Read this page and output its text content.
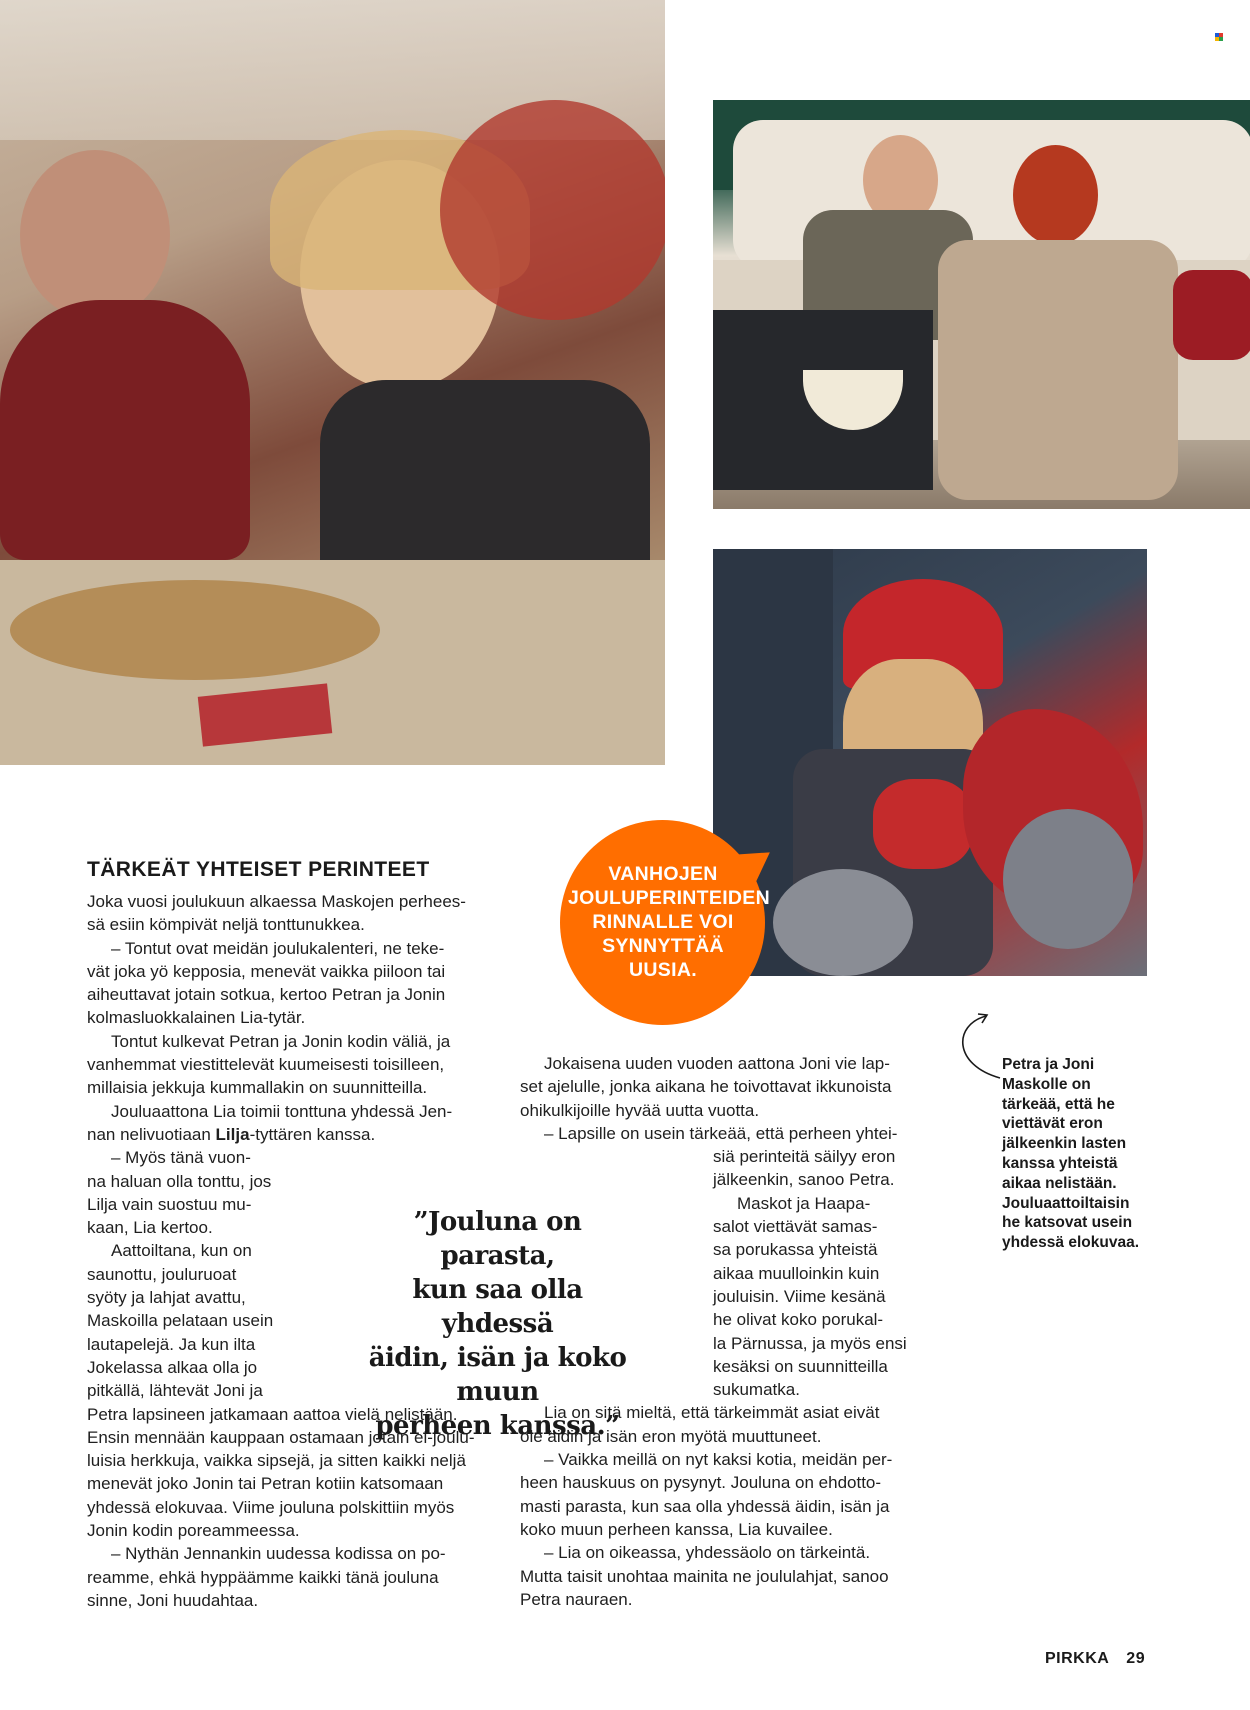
VANHOJEN
JOULUPERINTEIDEN
RINNALLE VOI
SYNNYTTÄÄ UUSIA.
TÄRKEÄT YHTEISET PERINTEET

Joka vuosi joulukuun alkaessa Maskojen perhees-

sä esiin kömpivät neljä tonttunukkea.

– Tontut ovat meidän joulukalenteri, ne teke-

vät joka yö kepposia, menevät vaikka piiloon tai

aiheuttavat jotain sotkua, kertoo Petran ja Jonin

kolmasluokkalainen Lia-tytär.

Tontut kulkevat Petran ja Jonin kodin väliä, ja

vanhemmat viestittelevät kuumeisesti toisilleen,

millaisia jekkuja kummallakin on suunnitteilla.

Jouluaattona Lia toimii tonttuna yhdessä Jen-

nan nelivuotiaan Lilja-tyttären kanssa.

– Myös tänä vuon-

na haluan olla tonttu, jos

Lilja vain suostuu mu-

kaan, Lia kertoo.

Aattoiltana, kun on

saunottu, jouluruoat

syöty ja lahjat avattu,

Maskoilla pelataan usein

lautapelejä. Ja kun ilta

Jokelassa alkaa olla jo

pitkällä, lähtevät Joni ja

Petra lapsineen jatkamaan aattoa vielä nelistään.

Ensin mennään kauppaan ostamaan jotain ei-joulu-

luisia herkkuja, vaikka sipsejä, ja sitten kaikki neljä

menevät joko Jonin tai Petran kotiin katsomaan

yhdessä elokuvaa. Viime jouluna polskittiin myös

Jonin kodin poreammeessa.

– Nythän Jennankin uudessa kodissa on po-

reamme, ehkä hyppäämme kaikki tänä jouluna

sinne, Joni huudahtaa.

”Jouluna on parasta,
kun saa olla yhdessä
äidin, isän ja koko muun
perheen kanssa.”

Jokaisena uuden vuoden aattona Joni vie lap-

set ajelulle, jonka aikana he toivottavat ikkunoista

ohikulkijoille hyvää uutta vuotta.

– Lapsille on usein tärkeää, että perheen yhtei-

siä perinteitä säilyy eron

jälkeenkin, sanoo Petra.

Maskot ja Haapa-

salot viettävät samas-

sa porukassa yhteistä

aikaa muulloinkin kuin

jouluisin. Viime kesänä

he olivat koko porukal-

la Pärnussa, ja myös ensi

kesäksi on suunnitteilla

sukumatka.

Lia on sitä mieltä, että tärkeimmät asiat eivät

ole äidin ja isän eron myötä muuttuneet.

– Vaikka meillä on nyt kaksi kotia, meidän per-

heen hauskuus on pysynyt. Jouluna on ehdotto-

masti parasta, kun saa olla yhdessä äidin, isän ja

koko muun perheen kanssa, Lia kuvailee.

– Lia on oikeassa, yhdessäolo on tärkeintä.

Mutta taisit unohtaa mainita ne joululahjat, sanoo

Petra nauraen.

Petra ja Joni
Maskolle on
tärkeää, että he
viettävät eron
jälkeenkin lasten
kanssa yhteistä
aikaa nelistään.
Jouluaattoiltaisin
he katsovat usein
yhdessä elokuvaa.
PIRKKA 29
